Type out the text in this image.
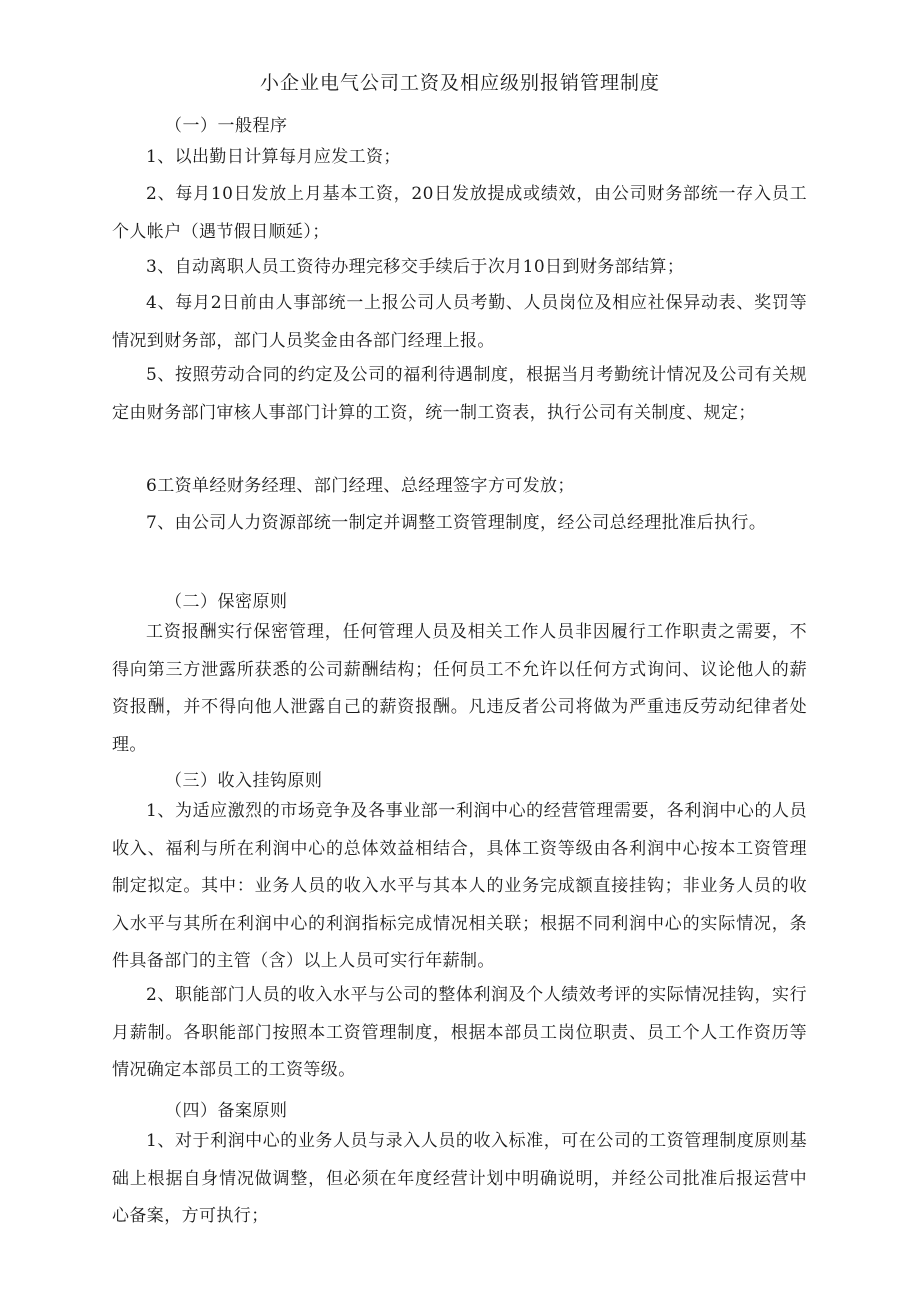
小企业电气公司工资及相应级别报销管理制度
（一）一般程序

1、以出勤日计算每月应发工资；

2、每月10日发放上月基本工资，20日发放提成或绩效，由公司财务部统一存入员工个人帐户（遇节假日顺延）；

3、自动离职人员工资待办理完移交手续后于次月10日到财务部结算；

4、每月2日前由人事部统一上报公司人员考勤、人员岗位及相应社保异动表、奖罚等情况到财务部，部门人员奖金由各部门经理上报。

5、按照劳动合同的约定及公司的福利待遇制度，根据当月考勤统计情况及公司有关规定由财务部门审核人事部门计算的工资，统一制工资表，执行公司有关制度、规定；

6工资单经财务经理、部门经理、总经理签字方可发放；

7、由公司人力资源部统一制定并调整工资管理制度，经公司总经理批准后执行。

（二）保密原则

工资报酬实行保密管理，任何管理人员及相关工作人员非因履行工作职责之需要，不得向第三方泄露所获悉的公司薪酬结构；任何员工不允许以任何方式询问、议论他人的薪资报酬，并不得向他人泄露自己的薪资报酬。凡违反者公司将做为严重违反劳动纪律者处理。

（三）收入挂钩原则

1、为适应激烈的市场竞争及各事业部一利润中心的经营管理需要，各利润中心的人员收入、福利与所在利润中心的总体效益相结合，具体工资等级由各利润中心按本工资管理制定拟定。其中：业务人员的收入水平与其本人的业务完成额直接挂钩；非业务人员的收入水平与其所在利润中心的利润指标完成情况相关联；根据不同利润中心的实际情况，条件具备部门的主管（含）以上人员可实行年薪制。

2、职能部门人员的收入水平与公司的整体利润及个人绩效考评的实际情况挂钩，实行月薪制。各职能部门按照本工资管理制度，根据本部员工岗位职责、员工个人工作资历等情况确定本部员工的工资等级。

（四）备案原则

1、对于利润中心的业务人员与录入人员的收入标准，可在公司的工资管理制度原则基础上根据自身情况做调整，但必须在年度经营计划中明确说明，并经公司批准后报运营中心备案，方可执行；
